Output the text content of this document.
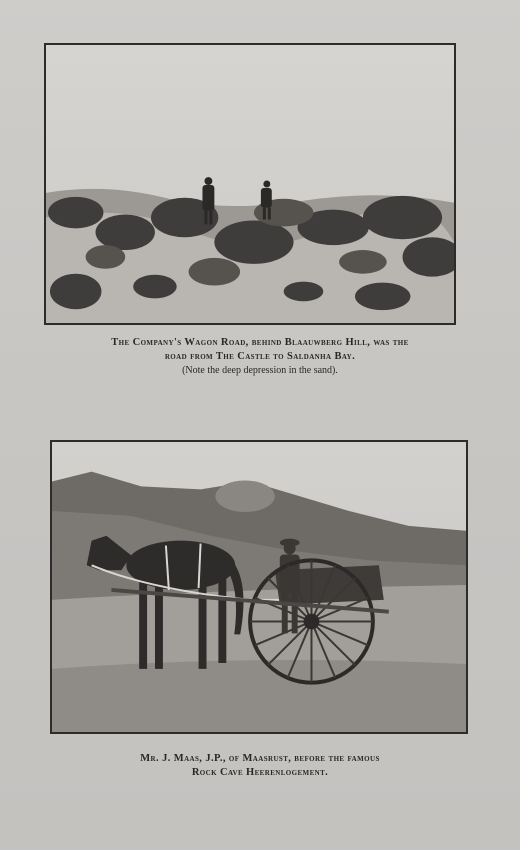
The Company's Wagon Road, behind Blaauwberg Hill, was the
road from The Castle to Saldanha Bay.
(Note the deep depression in the sand).
Mr. J. Maas, J.P., of Maasrust, before the famous
Rock Cave Heerenlogement.
